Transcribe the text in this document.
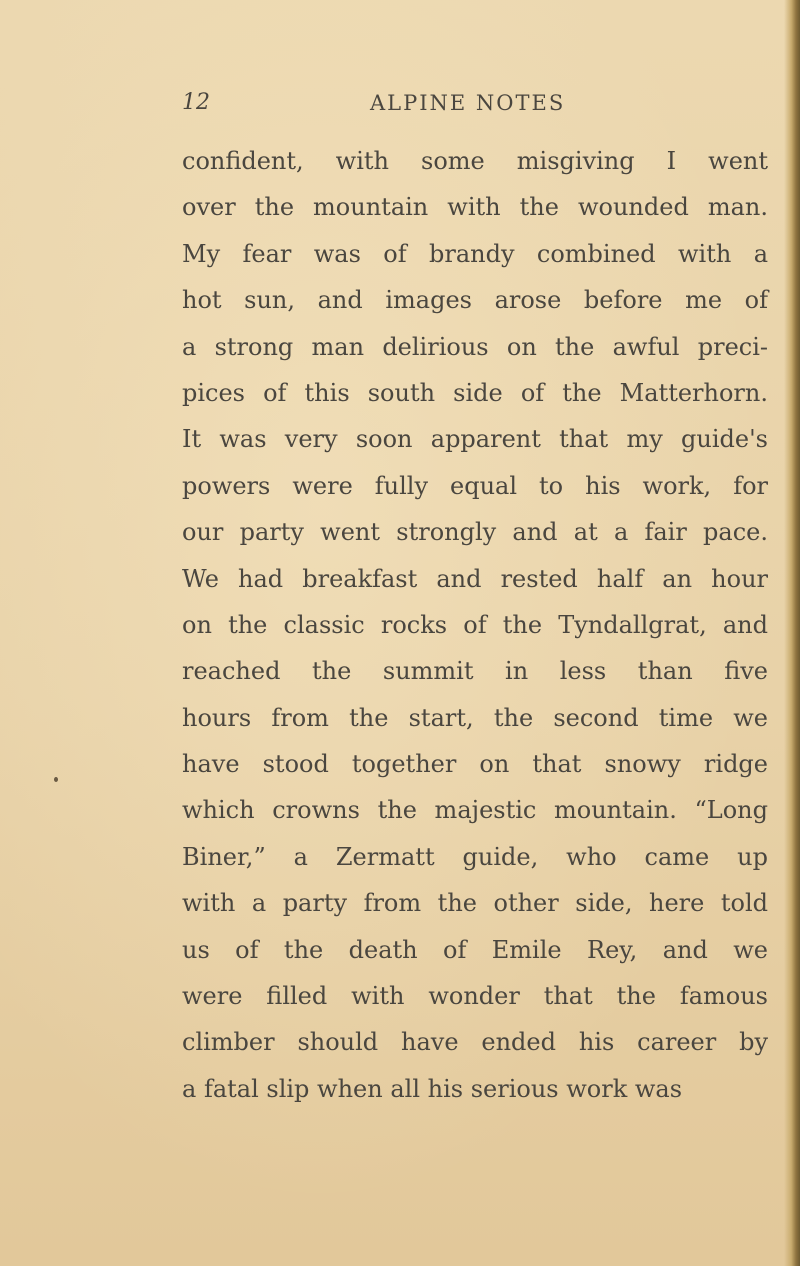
12	ALPINE NOTES
confident, with some misgiving I went
over the mountain with the wounded man.
My fear was of brandy combined with a
hot sun, and images arose before me of
a strong man delirious on the awful preci-
pices of this south side of the Matterhorn.
It was very soon apparent that my guide's
powers were fully equal to his work, for
our party went strongly and at a fair pace.
We had breakfast and rested half an hour
on the classic rocks of the Tyndallgrat, and
reached the summit in less than five
hours from the start, the second time we
have stood together on that snowy ridge
which crowns the majestic mountain. “Long
Biner,” a Zermatt guide, who came up
with a party from the other side, here told
us of the death of Emile Rey, and we
were filled with wonder that the famous
climber should have ended his career by
a fatal slip when all his serious work was
